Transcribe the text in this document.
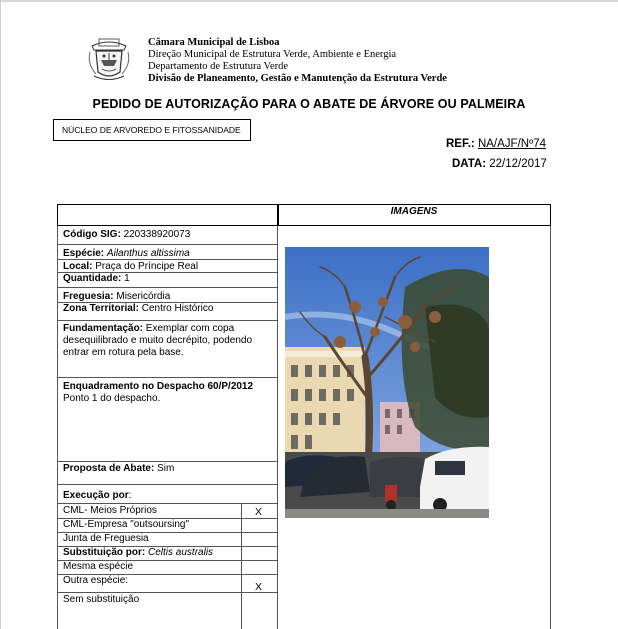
Câmara Municipal de Lisboa
Direção Municipal de Estrutura Verde, Ambiente e Energia
Departamento de Estrutura Verde
Divisão de Planeamento, Gestão e Manutenção da Estrutura Verde
PEDIDO DE AUTORIZAÇÃO PARA O ABATE DE ÁRVORE OU PALMEIRA
NÚCLEO DE ARVOREDO E FITOSSANIDADE
REF.: NA/AJF/Nº74
DATA: 22/12/2017
IMAGENS
Código SIG: 220338920073
Espécie: Ailanthus altissima
Local: Praça do Príncipe Real
Quantidade: 1
Freguesia: Misericórdia
Zona Territorial: Centro Histórico
Fundamentação: Exemplar com copa
desequilibrado e muito decrépito, podendo
entrar em rotura pela base.
Enquadramento no Despacho 60/P/2012
Ponto 1 do despacho.
Proposta de Abate: Sim
Execução por:
CML- Meios Próprios	X
CML-Empresa "outsoursing"
Junta de Freguesia
Substituição por: Celtis australis
Mesma espécie
Outra espécie:
X
Sem substituição
